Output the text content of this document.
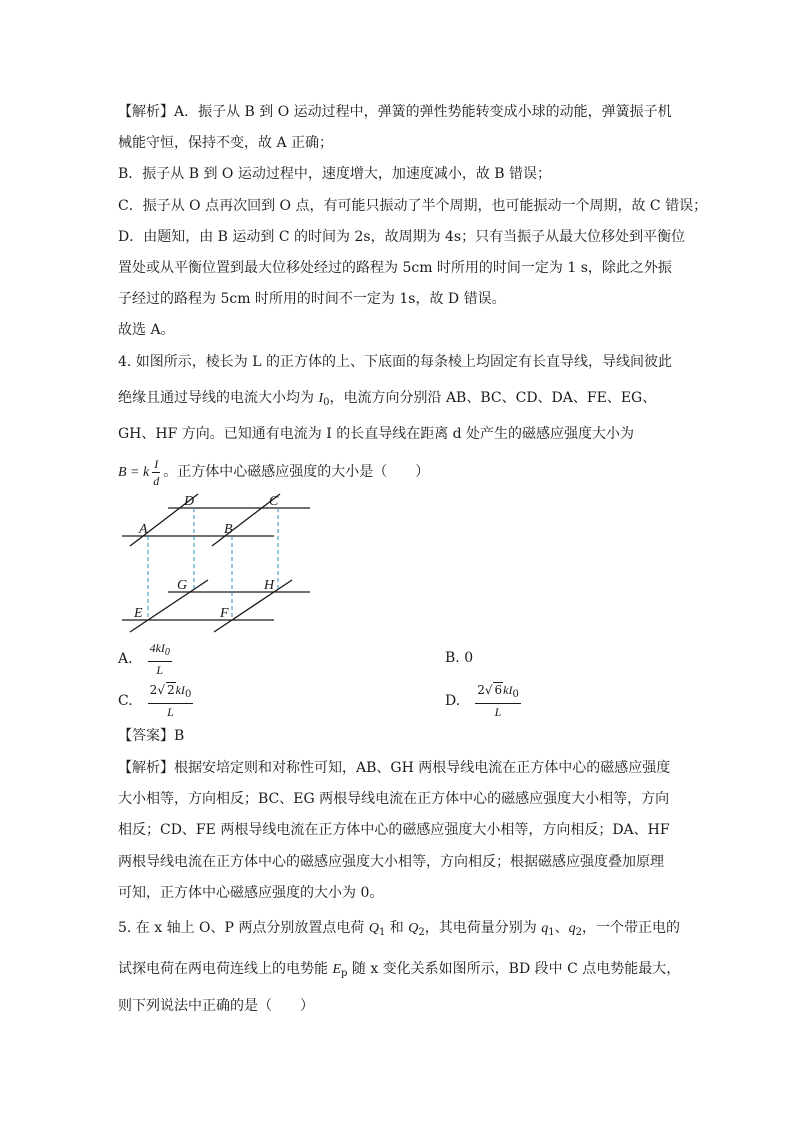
【解析】A．振子从 B 到 O 运动过程中，弹簧的弹性势能转变成小球的动能，弹簧振子机
械能守恒，保持不变，故 A 正确；
B．振子从 B 到 O 运动过程中，速度增大，加速度减小，故 B 错误；
C．振子从 O 点再次回到 O 点，有可能只振动了半个周期，也可能振动一个周期，故 C 错误；
D．由题知，由 B 运动到 C 的时间为 2s，故周期为 4s；只有当振子从最大位移处到平衡位
置处或从平衡位置到最大位移处经过的路程为 5cm 时所用的时间一定为 1 s，除此之外振
子经过的路程为 5cm 时所用的时间不一定为 1s，故 D 错误。
故选 A。
4. 如图所示，棱长为 L 的正方体的上、下底面的每条棱上均固定有长直导线，导线间彼此
绝缘且通过导线的电流大小均为 $I_0$，电流方向分别沿 AB、BC、CD、DA、FE、EG、
GH、HF 方向。已知通有电流为 I 的长直导线在距离 d 处产生的磁感应强度大小为
B = k $\frac{I}{d}$ 。正方体中心磁感应强度的大小是（　　）
D	C
A	B
G	H
E	F
A. $\frac{4kI_0}{L}$	B. 0
C. $\frac{2√ 2kI_0}{L}$	D. $\frac{2√ 6kI_0}{L}$
【答案】B
【解析】根据安培定则和对称性可知，AB、GH 两根导线电流在正方体中心的磁感应强度
大小相等，方向相反；BC、EG 两根导线电流在正方体中心的磁感应强度大小相等，方向
相反；CD、FE 两根导线电流在正方体中心的磁感应强度大小相等，方向相反；DA、HF
两根导线电流在正方体中心的磁感应强度大小相等，方向相反；根据磁感应强度叠加原理
可知，正方体中心磁感应强度的大小为 0。
5. 在 x 轴上 O、P 两点分别放置点电荷 $Q_1$ 和 $Q_2$，其电荷量分别为 $q_1$、$q_2$，一个带正电的
试探电荷在两电荷连线上的电势能 $E_p$ 随 x 变化关系如图所示，BD 段中 C 点电势能最大，
则下列说法中正确的是（　　）
